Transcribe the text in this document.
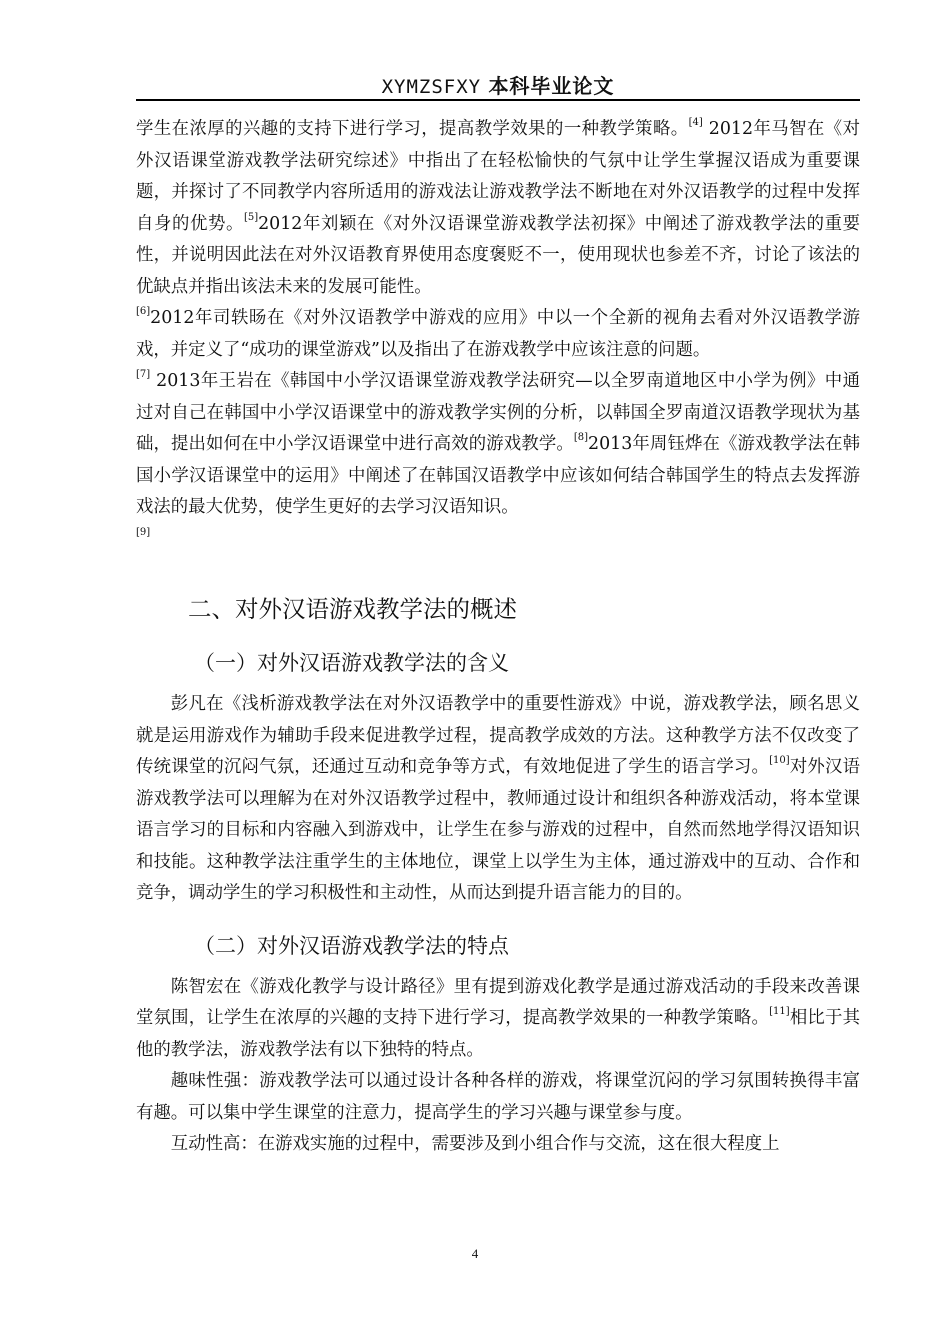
XYMZSFXY 本科毕业论文

学生在浓厚的兴趣的支持下进行学习，提高教学效果的一种教学策略。[4] 2012年马智在《对外汉语课堂游戏教学法研究综述》中指出了在轻松愉快的气氛中让学生掌握汉语成为重要课题，并探讨了不同教学内容所适用的游戏法让游戏教学法不断地在对外汉语教学的过程中发挥自身的优势。[5]2012年刘颖在《对外汉语课堂游戏教学法初探》中阐述了游戏教学法的重要性，并说明因此法在对外汉语教育界使用态度褒贬不一，使用现状也参差不齐，讨论了该法的优缺点并指出该法未来的发展可能性。
[6]2012年司轶旸在《对外汉语教学中游戏的应用》中以一个全新的视角去看对外汉语教学游戏，并定义了“成功的课堂游戏”以及指出了在游戏教学中应该注意的问题。
[7] 2013年王岩在《韩国中小学汉语课堂游戏教学法研究—以全罗南道地区中小学为例》中通过对自己在韩国中小学汉语课堂中的游戏教学实例的分析，以韩国全罗南道汉语教学现状为基础，提出如何在中小学汉语课堂中进行高效的游戏教学。[8]2013年周钰烨在《游戏教学法在韩国小学汉语课堂中的运用》中阐述了在韩国汉语教学中应该如何结合韩国学生的特点去发挥游戏法的最大优势，使学生更好的去学习汉语知识。
[9]

二、对外汉语游戏教学法的概述
（一）对外汉语游戏教学法的含义

彭凡在《浅析游戏教学法在对外汉语教学中的重要性游戏》中说，游戏教学法，顾名思义就是运用游戏作为辅助手段来促进教学过程，提高教学成效的方法。这种教学方法不仅改变了传统课堂的沉闷气氛，还通过互动和竞争等方式，有效地促进了学生的语言学习。[10]对外汉语游戏教学法可以理解为在对外汉语教学过程中，教师通过设计和组织各种游戏活动，将本堂课语言学习的目标和内容融入到游戏中，让学生在参与游戏的过程中，自然而然地学得汉语知识和技能。这种教学法注重学生的主体地位，课堂上以学生为主体，通过游戏中的互动、合作和竞争，调动学生的学习积极性和主动性，从而达到提升语言能力的目的。

（二）对外汉语游戏教学法的特点

陈智宏在《游戏化教学与设计路径》里有提到游戏化教学是通过游戏活动的手段来改善课堂氛围，让学生在浓厚的兴趣的支持下进行学习，提高教学效果的一种教学策略。[11]相比于其他的教学法，游戏教学法有以下独特的特点。

趣味性强：游戏教学法可以通过设计各种各样的游戏，将课堂沉闷的学习氛围转换得丰富有趣。可以集中学生课堂的注意力，提高学生的学习兴趣与课堂参与度。

互动性高：在游戏实施的过程中，需要涉及到小组合作与交流，这在很大程度上

4
